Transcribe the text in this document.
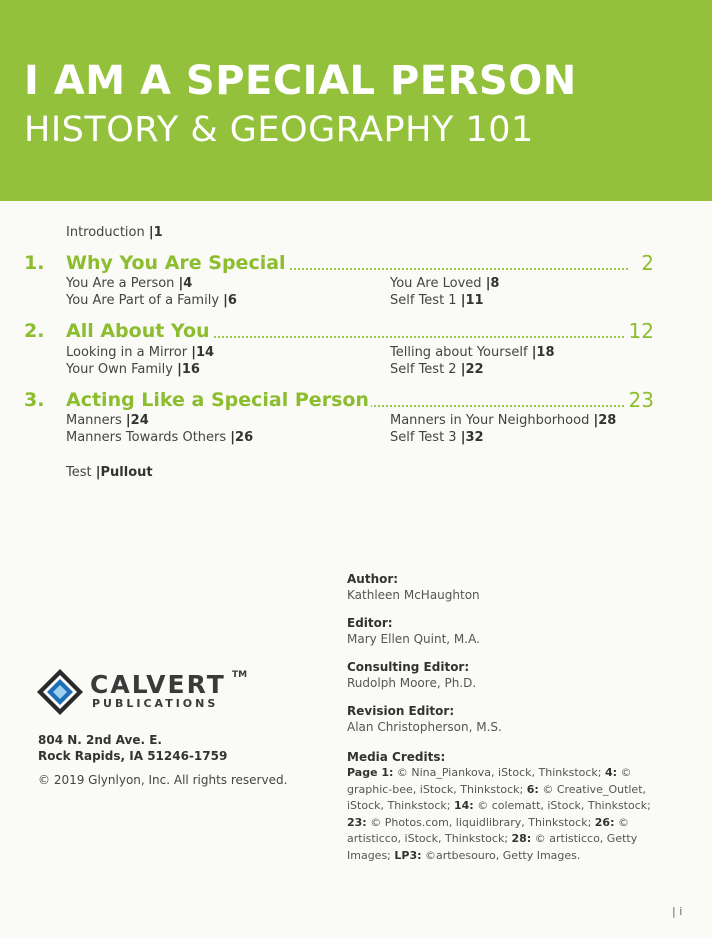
I AM A SPECIAL PERSON
HISTORY & GEOGRAPHY 101
Introduction |1
1. Why You Are Special	2
You Are a Person |4
You Are Part of a Family |6
You Are Loved |8
Self Test 1 |11
2. All About You	12
Looking in a Mirror |14
Your Own Family |16
Telling about Yourself |18
Self Test 2 |22
3. Acting Like a Special Person	23
Manners |24
Manners Towards Others |26
Manners in Your Neighborhood |28
Self Test 3 |32
Test |Pullout
Author:
Kathleen McHaughton
Editor:
Mary Ellen Quint, M.A.
Consulting Editor:
Rudolph Moore, Ph.D.
Revision Editor:
Alan Christopherson, M.S.
Media Credits:
Page 1: © Nina_Piankova, iStock, Thinkstock; 4: © graphic-bee, iStock, Thinkstock; 6: © Creative_Outlet, iStock, Thinkstock; 14: © colematt, iStock, Thinkstock; 23: © Photos.com, liquidlibrary, Thinkstock; 26: © artisticco, iStock, Thinkstock; 28: © artisticco, Getty Images; LP3: ©artbesouro, Getty Images.
CALVERT TM
PUBLICATIONS
804 N. 2nd Ave. E.
Rock Rapids, IA 51246-1759
© 2019 Glynlyon, Inc. All rights reserved.
| i
